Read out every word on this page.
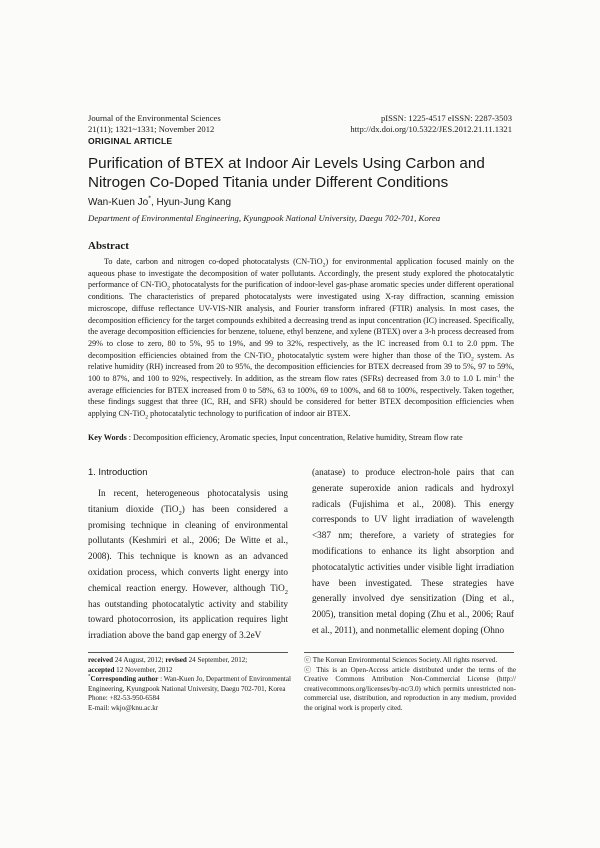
Journal of the Environmental Sciences
21(11); 1321~1331; November 2012
pISSN: 1225-4517 eISSN: 2287-3503
http://dx.doi.org/10.5322/JES.2012.21.11.1321
ORIGINAL ARTICLE
Purification of BTEX at Indoor Air Levels Using Carbon and Nitrogen Co-Doped Titania under Different Conditions
Wan-Kuen Jo*, Hyun-Jung Kang
Department of Environmental Engineering, Kyungpook National University, Daegu 702-701, Korea
Abstract

To date, carbon and nitrogen co-doped photocatalysts (CN-TiO$_2$) for environmental application focused mainly on the aqueous phase to investigate the decomposition of water pollutants. Accordingly, the present study explored the photocatalytic performance of CN-TiO$_2$ photocatalysts for the purification of indoor-level gas-phase aromatic species under different operational conditions. The characteristics of prepared photocatalysts were investigated using X-ray diffraction, scanning emission microscope, diffuse reflectance UV-VIS-NIR analysis, and Fourier transform infrared (FTIR) analysis. In most cases, the decomposition efficiency for the target compounds exhibited a decreasing trend as input concentration (IC) increased. Specifically, the average decomposition efficiencies for benzene, toluene, ethyl benzene, and xylene (BTEX) over a 3-h process decreased from 29% to close to zero, 80 to 5%, 95 to 19%, and 99 to 32%, respectively, as the IC increased from 0.1 to 2.0 ppm. The decomposition efficiencies obtained from the CN-TiO$_2$ photocatalytic system were higher than those of the TiO$_2$ system. As relative humidity (RH) increased from 20 to 95%, the decomposition efficiencies for BTEX decreased from 39 to 5%, 97 to 59%, 100 to 87%, and 100 to 92%, respectively. In addition, as the stream flow rates (SFRs) decreased from 3.0 to 1.0 L $\min^{-1}$ the average efficiencies for BTEX increased from 0 to 58%, 63 to 100%, 69 to 100%, and 68 to 100%, respectively. Taken together, these findings suggest that three (IC, RH, and SFR) should be considered for better BTEX decomposition efficiencies when applying CN-TiO$_2$ photocatalytic technology to purification of indoor air BTEX.

Key Words : Decomposition efficiency, Aromatic species, Input concentration, Relative humidity, Stream flow rate
1. Introduction

In recent, heterogeneous photocatalysis using titanium dioxide (TiO$_2$) has been considered a promising technique in cleaning of environmental pollutants (Keshmiri et al., 2006; De Witte et al., 2008). This technique is known as an advanced oxidation process, which converts light energy into chemical reaction energy. However, although TiO$_2$ has outstanding photocatalytic activity and stability toward photocorrosion, its application requires light irradiation above the band gap energy of 3.2eV

(anatase) to produce electron-hole pairs that can generate superoxide anion radicals and hydroxyl radicals (Fujishima et al., 2008). This energy corresponds to UV light irradiation of wavelength <387 nm; therefore, a variety of strategies for modifications to enhance its light absorption and photocatalytic activities under visible light irradiation have been investigated. These strategies have generally involved dye sensitization (Ding et al., 2005), transition metal doping (Zhu et al., 2006; Rauf et al., 2011), and nonmetallic element doping (Ohno

received 24 August, 2012; revised 24 September, 2012;
accepted 12 November, 2012
*Corresponding author : Wan-Kuen Jo, Department of Environmental Engineering, Kyungpook National University, Daegu 702-701, Korea
Phone: +82-53-950-6584
E-mail: wkjo@knu.ac.kr
ⓒ The Korean Environmental Sciences Society. All rights reserved.
ⓒ This is an Open-Access article distributed under the terms of the Creative Commons Attribution Non-Commercial License (http:// creativecommons.org/licenses/by-nc/3.0) which permits unrestricted non-commercial use, distribution, and reproduction in any medium, provided the original work is properly cited.
